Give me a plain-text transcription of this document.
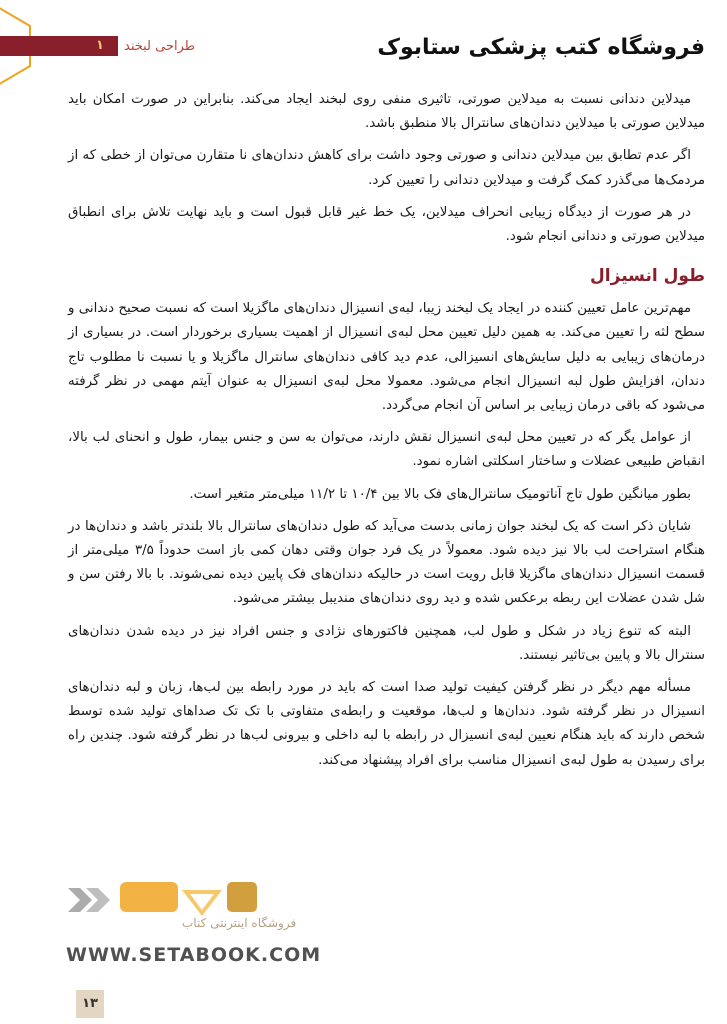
۱	طراحی لبخند	فروشگاه کتب پزشکی ستابوک

میدلاین دندانی نسبت به میدلاین صورتی، تاثیری منفی روی لبخند ایجاد می‌کند. بنابراین در صورت امکان باید میدلاین صورتی با میدلاین دندان‌های سانترال بالا منطبق باشد.

اگر عدم تطابق بین میدلاین دندانی و صورتی وجود داشت برای کاهش دندان‌های نا متقارن می‌توان از خطی که از مردمک‌ها می‌گذرد کمک گرفت و میدلاین دندانی را تعیین کرد.

در هر صورت از دیدگاه زیبایی انحراف میدلاین، یک خط غیر قابل قبول است و باید نهایت تلاش برای انطباق میدلاین صورتی و دندانی انجام شود.

طول انسیزال

مهم‌ترین عامل تعیین کننده در ایجاد یک لبخند زیبا، لبه‌ی انسیزال دندان‌های ماگزیلا است که نسبت صحیح دندانی و سطح لثه را تعیین می‌کند. به همین دلیل تعیین محل لبه‌ی انسیزال از اهمیت بسیاری برخوردار است. در بسیاری از درمان‌های زیبایی به دلیل سایش‌های انسیزالی، عدم دید کافی دندان‌های سانترال ماگزیلا و یا نسبت نا مطلوب تاج دندان، افزایش طول لبه انسیزال انجام می‌شود. معمولا محل لبه‌ی انسیزال به عنوان آیتم مهمی در نظر گرفته می‌شود که باقی درمان زیبایی بر اساس آن انجام می‌گردد.

از عوامل یگر که در تعیین محل لبه‌ی انسیزال نقش دارند، می‌توان به سن و جنس بیمار، طول و انحنای لب بالا، انقباض طبیعی عضلات و ساختار اسکلتی اشاره نمود.

بطور میانگین طول تاج آناتومیک سانترال‌های فک بالا بین ۱۰/۴ تا ۱۱/۲ میلی‌متر متغیر است.

شایان ذکر است که یک لبخند جوان زمانی بدست می‌آید که طول دندان‌های سانترال بالا بلندتر باشد و دندان‌ها در هنگام استراحت لب بالا نیز دیده شود. معمولاً در یک فرد جوان وقتی دهان کمی باز است حدوداً ۳/۵ میلی‌متر از قسمت انسیزال دندان‌های ماگزیلا قابل رویت است در حالیکه دندان‌های فک پایین دیده نمی‌شوند. با بالا رفتن سن و شل شدن عضلات این ربطه برعکس شده و دید روی دندان‌های مندیبل بیشتر می‌شود.

البته که تنوع زیاد در شکل و طول لب، همچنین فاکتورهای نژادی و جنس افراد نیز در دیده شدن دندان‌های سنترال بالا و پایین بی‌تاثیر نیستند.

مسأله مهم دیگر در نظر گرفتن کیفیت تولید صدا است که باید در مورد رابطه بین لب‌ها، زبان و لبه دندان‌های انسیزال در نظر گرفته شود. دندان‌ها و لب‌ها، موقعیت و رابطه‌ی متفاوتی با تک تک صداهای تولید شده توسط شخص دارند که باید هنگام نعیین لبه‌ی انسیزال در رابطه با لبه داخلی و بیرونی لب‌ها در نظر گرفته شود. چندین راه برای رسیدن به طول لبه‌ی انسیزال مناسب برای افراد پیشنهاد می‌کند.

فروشگاه اینترنتی کتاب
WWW.SETABOOK.COM
۱۳
